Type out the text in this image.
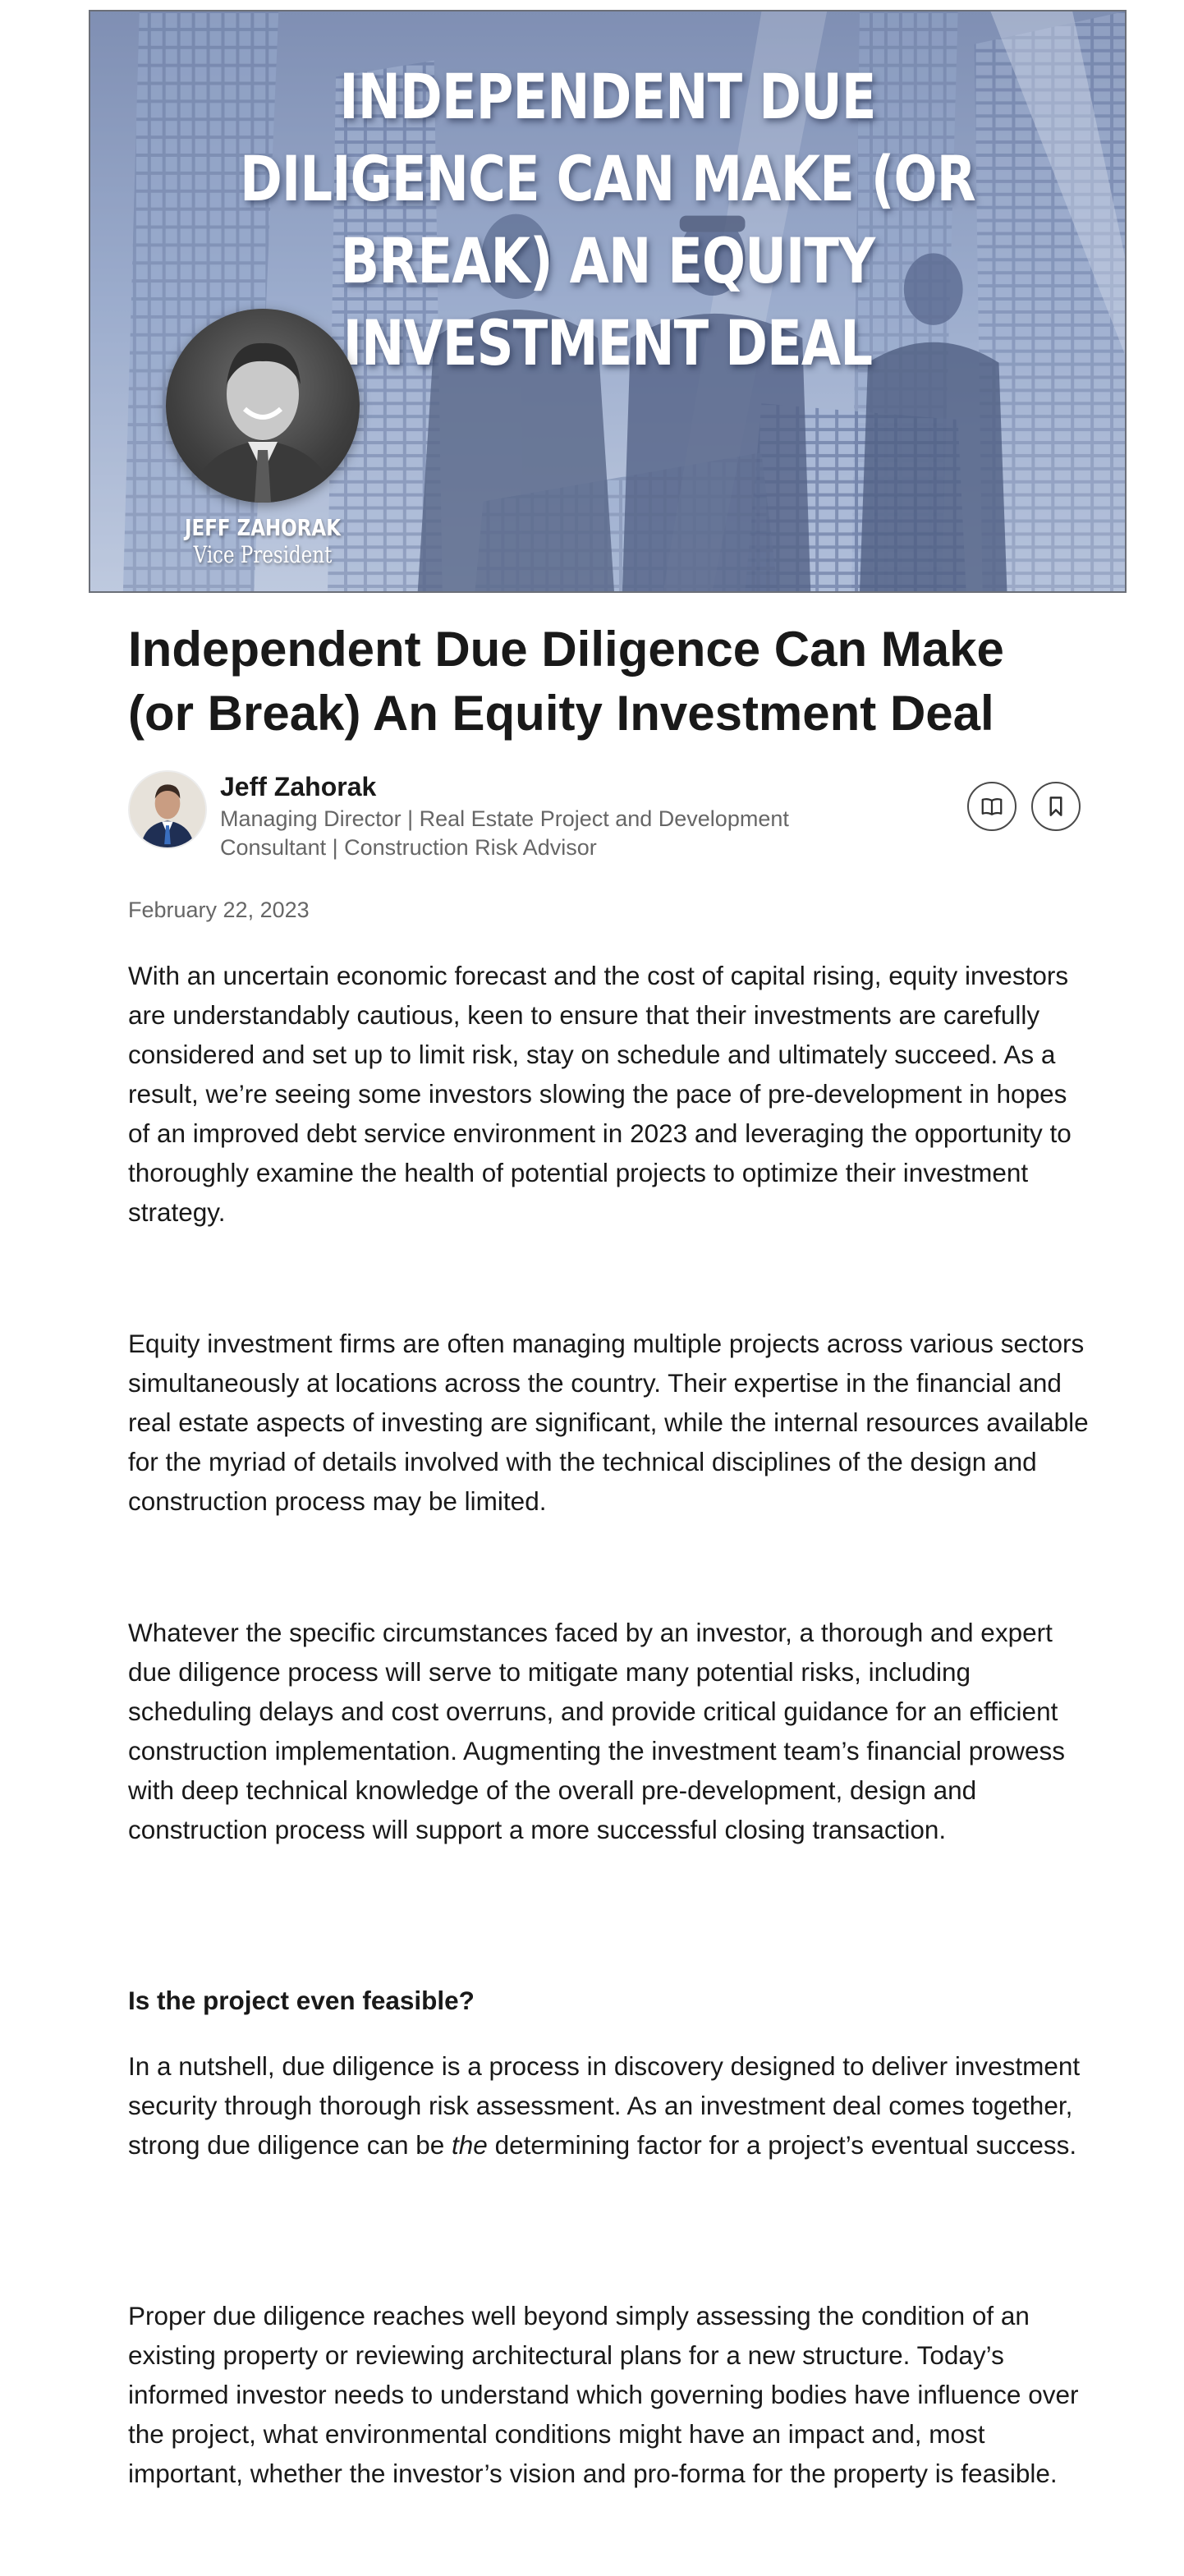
INDEPENDENT DUE DILIGENCE CAN MAKE (OR BREAK) AN EQUITY INVESTMENT DEAL
JEFF ZAHORAK
Vice President
Independent Due Diligence Can Make (or Break) An Equity Investment Deal
Jeff Zahorak
Managing Director | Real Estate Project and Development Consultant | Construction Risk Advisor
February 22, 2023

With an uncertain economic forecast and the cost of capital rising, equity investors are understandably cautious, keen to ensure that their investments are carefully considered and set up to limit risk, stay on schedule and ultimately succeed. As a result, we’re seeing some investors slowing the pace of pre-development in hopes of an improved debt service environment in 2023 and leveraging the opportunity to thoroughly examine the health of potential projects to optimize their investment strategy.

Equity investment firms are often managing multiple projects across various sectors simultaneously at locations across the country. Their expertise in the financial and real estate aspects of investing are significant, while the internal resources available for the myriad of details involved with the technical disciplines of the design and construction process may be limited.

Whatever the specific circumstances faced by an investor, a thorough and expert due diligence process will serve to mitigate many potential risks, including scheduling delays and cost overruns, and provide critical guidance for an efficient construction implementation. Augmenting the investment team’s financial prowess with deep technical knowledge of the overall pre-development, design and construction process will support a more successful closing transaction.

Is the project even feasible?

In a nutshell, due diligence is a process in discovery designed to deliver investment security through thorough risk assessment. As an investment deal comes together, strong due diligence can be the determining factor for a project’s eventual success.

Proper due diligence reaches well beyond simply assessing the condition of an existing property or reviewing architectural plans for a new structure. Today’s informed investor needs to understand which governing bodies have influence over the project, what environmental conditions might have an impact and, most important, whether the investor’s vision and pro-forma for the property is feasible.
